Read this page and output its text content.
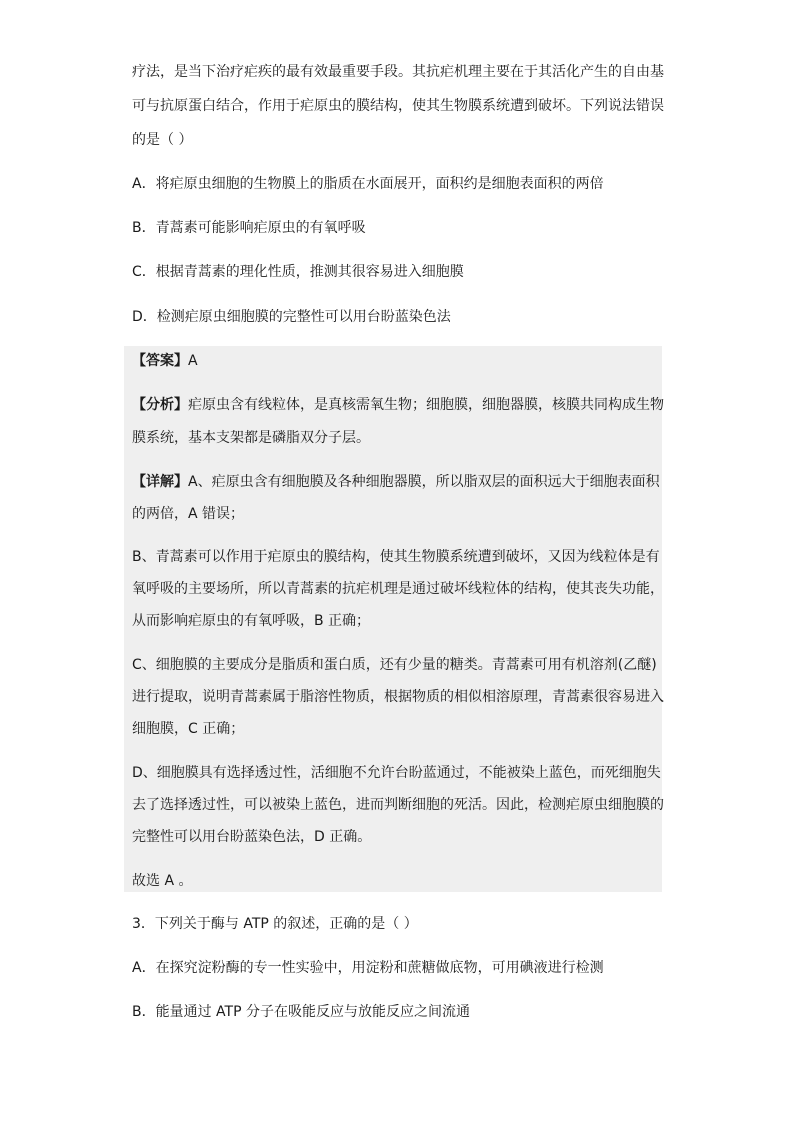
疗法，是当下治疗疟疾的最有效最重要手段。其抗疟机理主要在于其活化产生的自由基
可与抗原蛋白结合，作用于疟原虫的膜结构，使其生物膜系统遭到破坏。下列说法错误
的是（ ）
A．将疟原虫细胞的生物膜上的脂质在水面展开，面积约是细胞表面积的两倍
B．青蒿素可能影响疟原虫的有氧呼吸
C．根据青蒿素的理化性质，推测其很容易进入细胞膜
D．检测疟原虫细胞膜的完整性可以用台盼蓝染色法
【答案】A
【分析】疟原虫含有线粒体，是真核需氧生物；细胞膜，细胞器膜，核膜共同构成生物
膜系统，基本支架都是磷脂双分子层。
【详解】A、疟原虫含有细胞膜及各种细胞器膜，所以脂双层的面积远大于细胞表面积
的两倍，A 错误；
B、青蒿素可以作用于疟原虫的膜结构，使其生物膜系统遭到破坏，又因为线粒体是有
氧呼吸的主要场所，所以青蒿素的抗疟机理是通过破坏线粒体的结构，使其丧失功能，
从而影响疟原虫的有氧呼吸，B 正确；
C、细胞膜的主要成分是脂质和蛋白质，还有少量的糖类。青蒿素可用有机溶剂(乙醚)
进行提取，说明青蒿素属于脂溶性物质，根据物质的相似相溶原理，青蒿素很容易进入
细胞膜，C 正确；
D、细胞膜具有选择透过性，活细胞不允许台盼蓝通过，不能被染上蓝色，而死细胞失
去了选择透过性，可以被染上蓝色，进而判断细胞的死活。因此，检测疟原虫细胞膜的
完整性可以用台盼蓝染色法，D 正确。
故选 A 。
3．下列关于酶与 ATP 的叙述，正确的是（ ）
A．在探究淀粉酶的专一性实验中，用淀粉和蔗糖做底物，可用碘液进行检测
B．能量通过 ATP 分子在吸能反应与放能反应之间流通
